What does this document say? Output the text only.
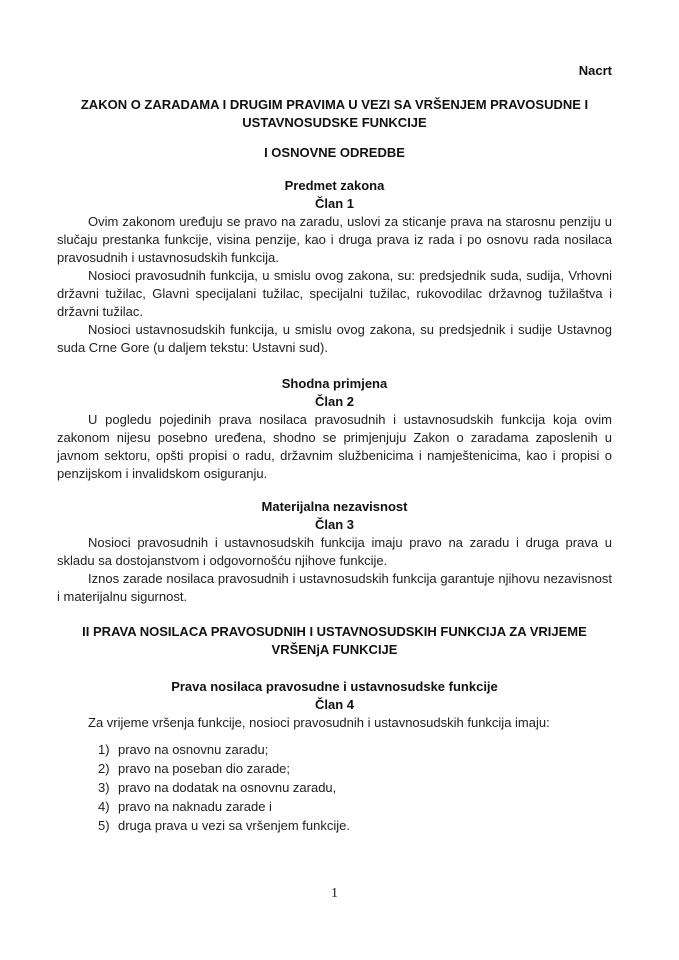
Nacrt
ZAKON O ZARADAMA I DRUGIM PRAVIMA U VEZI SA VRŠENJEM PRAVOSUDNE I
USTAVNOSUDSKE FUNKCIJE
I OSNOVNE ODREDBE
Predmet zakona
Član 1

Ovim zakonom uređuju se pravo na zaradu, uslovi za sticanje prava na starosnu penziju u slučaju prestanka funkcije, visina penzije, kao i druga prava iz rada i po osnovu rada nosilaca pravosudnih i ustavnosudskih funkcija.

Nosioci pravosudnih funkcija, u smislu ovog zakona, su: predsjednik suda, sudija, Vrhovni državni tužilac, Glavni specijalani tužilac, specijalni tužilac, rukovodilac državnog tužilaštva i državni tužilac.

Nosioci ustavnosudskih funkcija, u smislu ovog zakona, su predsjednik i sudije Ustavnog suda Crne Gore (u daljem tekstu: Ustavni sud).

Shodna primjena
Član 2

U pogledu pojedinih prava nosilaca pravosudnih i ustavnosudskih funkcija koja ovim zakonom nijesu posebno uređena, shodno se primjenjuju Zakon o zaradama zaposlenih u javnom sektoru, opšti propisi o radu, državnim službenicima i namještenicima, kao i propisi o penzijskom i invalidskom osiguranju.

Materijalna nezavisnost
Član 3

Nosioci pravosudnih i ustavnosudskih funkcija imaju pravo na zaradu i druga prava u skladu sa dostojanstvom i odgovornošću njihove funkcije.

Iznos zarade nosilaca pravosudnih i ustavnosudskih funkcija garantuje njihovu nezavisnost i materijalnu sigurnost.

II PRAVA NOSILACA PRAVOSUDNIH I USTAVNOSUDSKIH FUNKCIJA ZA VRIJEME
VRŠENjA FUNKCIJE
Prava nosilaca pravosudne i ustavnosudske funkcije
Član 4

Za vrijeme vršenja funkcije, nosioci pravosudnih i ustavnosudskih funkcija imaju:

1) pravo na osnovnu zaradu;
2) pravo na poseban dio zarade;
3) pravo na dodatak na osnovnu zaradu,
4) pravo na naknadu zarade i
5) druga prava u vezi sa vršenjem funkcije.
1
